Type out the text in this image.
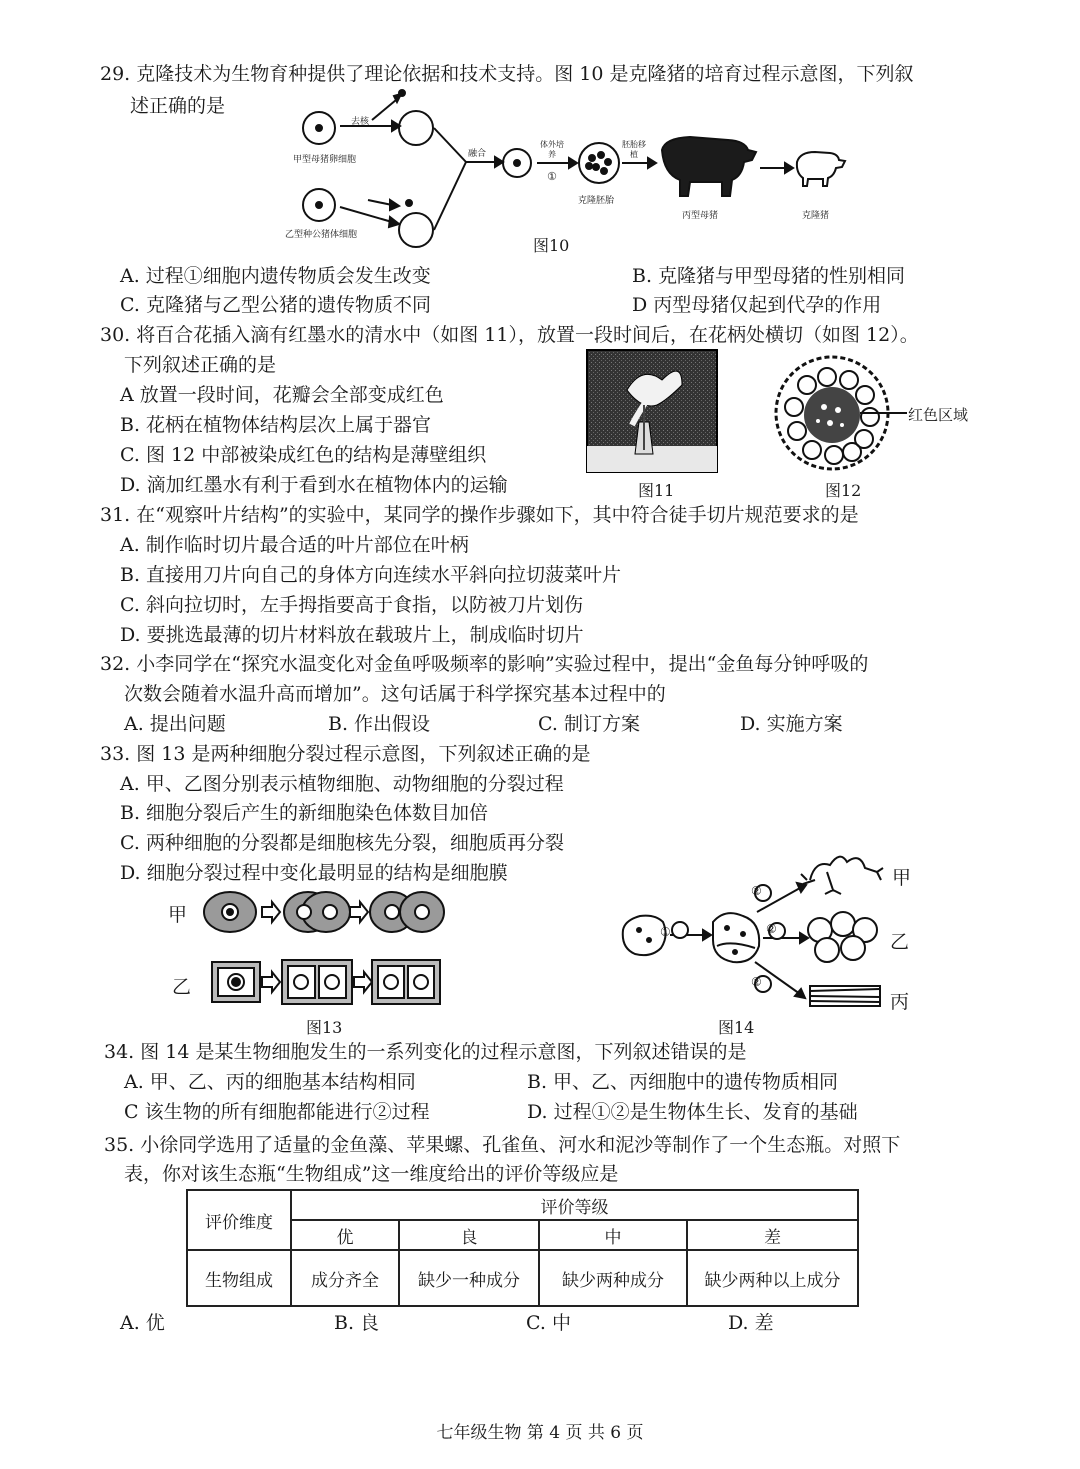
29. 克隆技术为生物育种提供了理论依据和技术支持。图 10 是克隆猪的培育过程示意图，下列叙
述正确的是
去核
融合
体外培养
①
胚胎移植
甲型母猪卵细胞
乙型种公猪体细胞
克隆胚胎
丙型母猪	克隆猪
图10
A. 过程①细胞内遗传物质会发生改变	B. 克隆猪与甲型母猪的性别相同
C. 克隆猪与乙型公猪的遗传物质不同	D 丙型母猪仅起到代孕的作用
30. 将百合花插入滴有红墨水的清水中（如图 11），放置一段时间后，在花柄处横切（如图 12）。
下列叙述正确的是
A 放置一段时间，花瓣会全部变成红色
B. 花柄在植物体结构层次上属于器官
C. 图 12 中部被染成红色的结构是薄壁组织
D. 滴加红墨水有利于看到水在植物体内的运输	图11
红色区域
图12
31. 在“观察叶片结构”的实验中，某同学的操作步骤如下，其中符合徒手切片规范要求的是
A. 制作临时切片最合适的叶片部位在叶柄
B. 直接用刀片向自己的身体方向连续水平斜向拉切菠菜叶片
C. 斜向拉切时，左手拇指要高于食指，以防被刀片划伤
D. 要挑选最薄的切片材料放在载玻片上，制成临时切片
32. 小李同学在“探究水温变化对金鱼呼吸频率的影响”实验过程中，提出“金鱼每分钟呼吸的
次数会随着水温升高而增加”。这句话属于科学探究基本过程中的
A. 提出问题	B. 作出假设	C. 制订方案	D. 实施方案
33. 图 13 是两种细胞分裂过程示意图，下列叙述正确的是
A. 甲、乙图分别表示植物细胞、动物细胞的分裂过程
B. 细胞分裂后产生的新细胞染色体数目加倍
C. 两种细胞的分裂都是细胞核先分裂，细胞质再分裂
D. 细胞分裂过程中变化最明显的结构是细胞膜
甲
乙
图13
①
②
②
②
甲
乙
丙
图14
34. 图 14 是某生物细胞发生的一系列变化的过程示意图，下列叙述错误的是
A. 甲、乙、丙的细胞基本结构相同	B. 甲、乙、丙细胞中的遗传物质相同
C 该生物的所有细胞都能进行②过程	D. 过程①②是生物体生长、发育的基础
35. 小徐同学选用了适量的金鱼藻、苹果螺、孔雀鱼、河水和泥沙等制作了一个生态瓶。对照下
表，你对该生态瓶“生物组成”这一维度给出的评价等级应是
评价维度	评价等级			
	优	良	中	差
生物组成	成分齐全	缺少一种成分	缺少两种成分	缺少两种以上成分
A. 优	B. 良	C. 中	D. 差
七年级生物 第 4 页 共 6 页
